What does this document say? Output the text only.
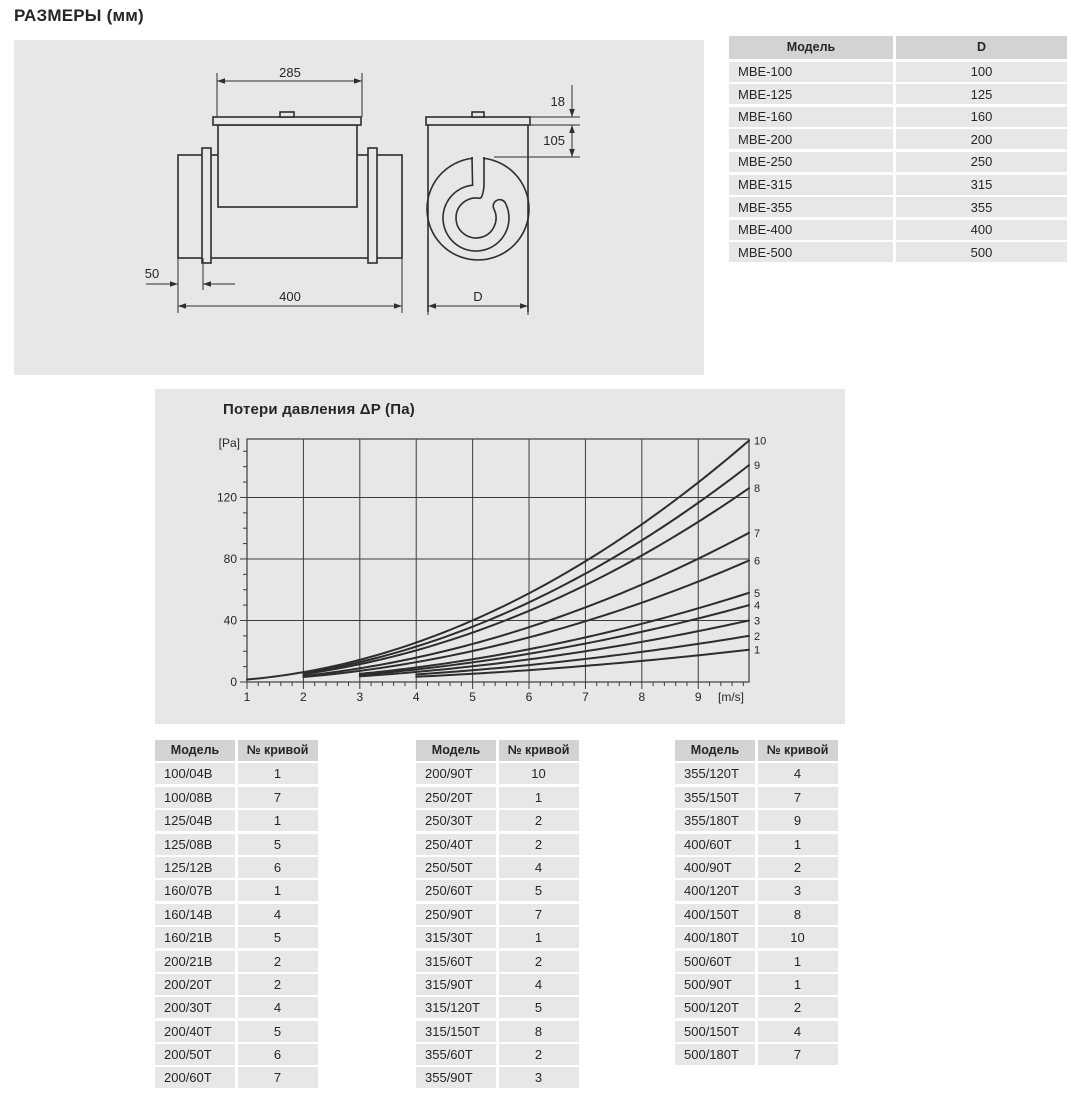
РАЗМЕРЫ (мм)
285
50
400	D
18
105
Модель	D
MBE-100	100
MBE-125	125
MBE-160	160
MBE-200	200
MBE-250	250
MBE-315	315
MBE-355	355
MBE-400	400
MBE-500	500
Потери давления ΔP (Па)
1	2	3	4	5	6	7	8	9 [m/s]
0
40
80
120
[Pa]
1
2
3
4
5
6
7
8
9
10
Модель	№ кривой
100/04B	1
100/08B	7
125/04B	1
125/08B	5
125/12B	6
160/07B	1
160/14B	4
160/21B	5
200/21B	2
200/20T	2
200/30T	4
200/40T	5
200/50T	6
200/60T	7
Модель	№ кривой
200/90T	10
250/20T	1
250/30T	2
250/40T	2
250/50T	4
250/60T	5
250/90T	7
315/30T	1
315/60T	2
315/90T	4
315/120T	5
315/150T	8
355/60T	2
355/90T	3
Модель	№ кривой
355/120T	4
355/150T	7
355/180T	9
400/60T	1
400/90T	2
400/120T	3
400/150T	8
400/180T	10
500/60T	1
500/90T	1
500/120T	2
500/150T	4
500/180T	7
